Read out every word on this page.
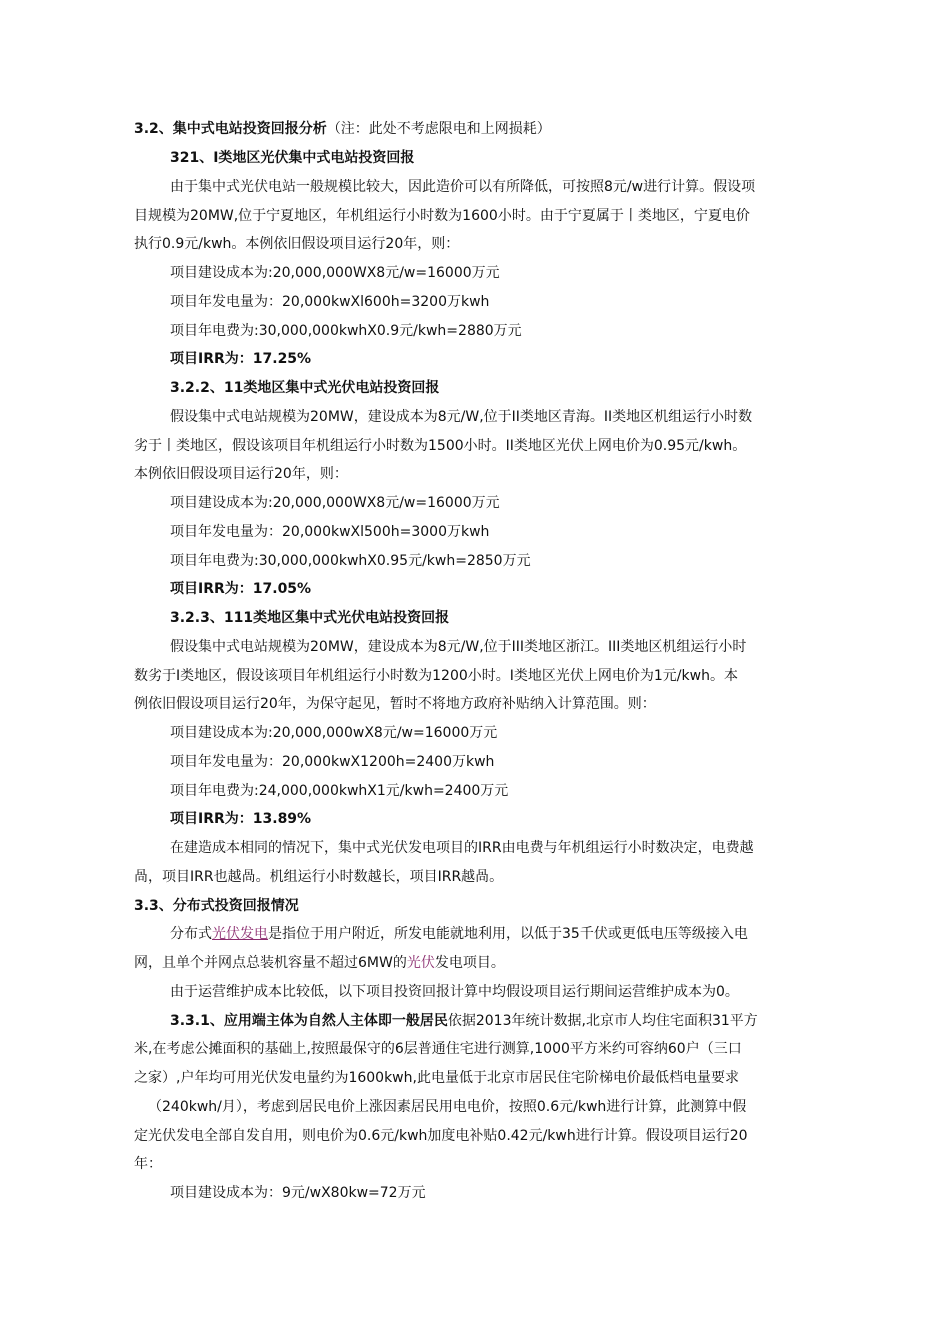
3.2、集中式电站投资回报分析（注：此处不考虑限电和上网损耗）
321、I类地区光伏集中式电站投资回报
由于集中式光伏电站一般规模比较大，因此造价可以有所降低，可按照8元/w进行计算。假设项
目规模为20MW,位于宁夏地区，年机组运行小时数为1600小时。由于宁夏属于丨类地区，宁夏电价
执行0.9元/kwh。本例依旧假设项目运行20年，则：
项目建设成本为:20,000,000WX8元/w=16000万元
项目年发电量为：20,000kwXl600h=3200万kwh
项目年电费为:30,000,000kwhX0.9元/kwh=2880万元
项目IRR为：17.25%
3.2.2、11类地区集中式光伏电站投资回报
假设集中式电站规模为20MW，建设成本为8元/W,位于II类地区青海。II类地区机组运行小时数
劣于丨类地区，假设该项目年机组运行小时数为1500小时。II类地区光伏上网电价为0.95元/kwh。
本例依旧假设项目运行20年，则：
项目建设成本为:20,000,000WX8元/w=16000万元
项目年发电量为：20,000kwXl500h=3000万kwh
项目年电费为:30,000,000kwhX0.95元/kwh=2850万元
项目IRR为：17.05%
3.2.3、111类地区集中式光伏电站投资回报
假设集中式电站规模为20MW，建设成本为8元/W,位于III类地区浙江。III类地区机组运行小时
数劣于I类地区，假设该项目年机组运行小时数为1200小时。I类地区光伏上网电价为1元/kwh。本
例依旧假设项目运行20年，为保守起见，暂时不将地方政府补贴纳入计算范围。则：
项目建设成本为:20,000,000wX8元/w=16000万元
项目年发电量为：20,000kwX1200h=2400万kwh
项目年电费为:24,000,000kwhX1元/kwh=2400万元
项目IRR为：13.89%
在建造成本相同的情况下，集中式光伏发电项目的IRR由电费与年机组运行小时数决定，电费越
咼，项目IRR也越咼。机组运行小时数越长，项目IRR越咼。
3.3、分布式投资回报情况
分布式光伏发电是指位于用户附近，所发电能就地利用，以低于35千伏或更低电压等级接入电
网，且单个并网点总装机容量不超过6MW的光伏发电项目。
由于运营维护成本比较低，以下项目投资回报计算中均假设项目运行期间运营维护成本为0。
3.3.1、应用端主体为自然人主体即一般居民依据2013年统计数据,北京市人均住宅面积31平方
米,在考虑公摊面积的基础上,按照最保守的6层普通住宅进行测算,1000平方米约可容纳60户（三口
之家）,户年均可用光伏发电量约为1600kwh,此电量低于北京市居民住宅阶梯电价最低档电量要求
（240kwh/月），考虑到居民电价上涨因素居民用电电价，按照0.6元/kwh进行计算，此测算中假
定光伏发电全部自发自用，则电价为0.6元/kwh加度电补贴0.42元/kwh进行计算。假设项目运行20
年：
项目建设成本为：9元/wX80kw=72万元
